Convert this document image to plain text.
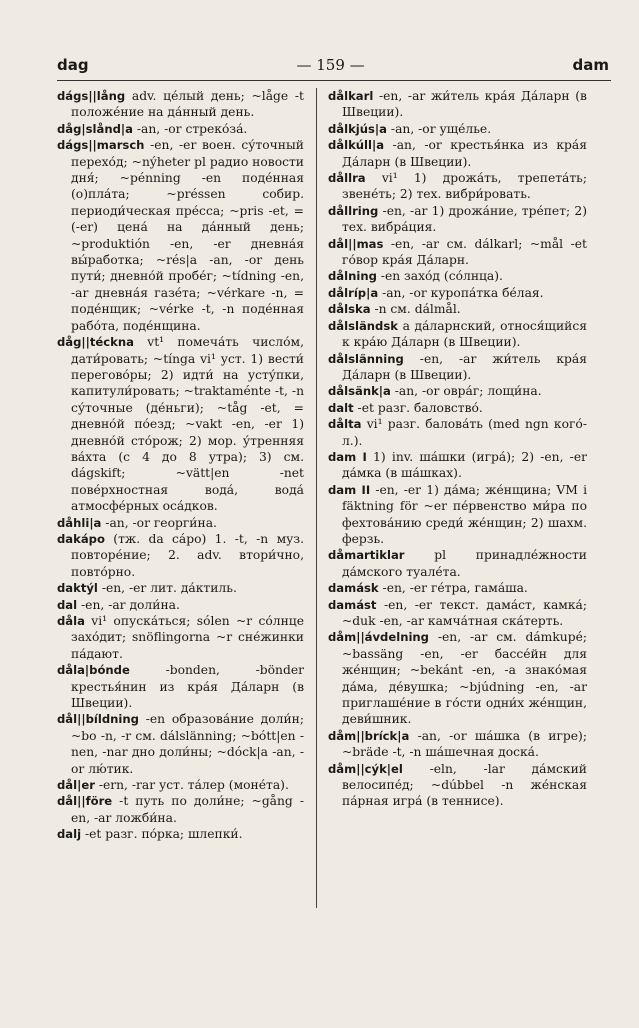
dag	— 159 —	dam

dágs||lång adv. це́лый день; ~låge -t положе́ние на да́нный день.

dåg|slånd|a -an, -or стреко́за́.

dágs||marsch -en, -er воен. су́точный перехо́д; ~nýheter pl радио новости дня́; ~pénning -en поде́нная (о)пла́та; ~préssen собир. периоди́ческая пре́сса; ~pris -et, = (-er) цена́ на да́нный день; ~produktión -en, -er дневна́я вы́работка; ~rés|a -an, -or день пути́; дневно́й пробе́г; ~tídning -en, -ar дневна́я газе́та; ~vérkare -n, = поде́нщик; ~vérke -t, -n поде́нная рабо́та, поде́нщина.

dåg||téckna vt¹ помеча́ть число́м, дати́ровать; ~tínga vi¹ уст. 1) вести́ перегово́ры; 2) идти́ на усту́пки, капитули́ровать; ~traktaménte -t, -n су́точные (де́ньги); ~tåg -et, = дневно́й по́езд; ~vakt -en, -er 1) дневно́й сто́рож; 2) мор. у́тренняя ва́хта (с 4 до 8 утра); 3) см. dágskift; ~vätt|en -net пове́рхностная вода́, вода́ атмосфе́рных оса́дков.

dåhli|a -an, -or георги́на.

dakápo (тж. da cápo) 1. -t, -n муз. повторе́ние; 2. adv. втори́чно, повто́рно.

daktýl -en, -er лит. да́ктиль.

dal -en, -ar доли́на.

dåla vi¹ опуска́ться; sólen ~r со́лнце захо́дит; snöflingorna ~r сне́жинки па́дают.

dåla|bónde -bonden, -bönder крестья́нин из кра́я Да́ларн (в Швеции).

dål||bíldning -en образова́ние доли́н; ~bo -n, -r см. dálslänning; ~bótt|en -nen, -nar дно доли́ны; ~dóck|a -an, -or лю́тик.

dål|er -ern, -rar уст. та́лер (моне́та).

dål||före -t путь по доли́не; ~gång -en, -ar ложби́на.

dalj -et разг. по́рка; шлепки́.

dålkarl -en, -ar жи́тель кра́я Да́ларн (в Швеции).

dålkjús|a -an, -or уще́лье.

dålkúll|a -an, -or крестья́нка из кра́я Да́ларн (в Швеции).

dållra vi¹ 1) дрожа́ть, трепета́ть; звене́ть; 2) тех. вибри́ровать.

dållring -en, -ar 1) дрожа́ние, тре́пет; 2) тех. вибра́ция.

dål||mas -en, -ar см. dálkarl; ~mål -et го́вор кра́я Да́ларн.

dålning -en захо́д (со́лнца).

dålríp|a -an, -or куропа́тка бе́лая.

dålska -n см. dálmål.

dålsländsk a да́ларнский, относя́щийся к кра́ю Да́ларн (в Швеции).

dålslänning -en, -ar жи́тель кра́я Да́ларн (в Швеции).

dålsänk|a -an, -or овра́г; лощи́на.

dalt -et разг. баловство́.

dålta vi¹ разг. балова́ть (med ngn кого́-л.).

dam I 1) inv. ша́шки (игра́); 2) -en, -er да́мка (в ша́шках).

dam II -en, -er 1) да́ма; же́нщина; VM i fäktning för ~er пе́рвенство ми́ра по фехтова́нию среди́ же́нщин; 2) шахм. ферзь.

dåmartiklar pl принадле́жности да́мского туале́та.

damásk -en, -er ге́тра, гама́ша.

damást -en, -er текст. дама́ст, камка́; ~duk -en, -ar камча́тная ска́терть.

dåm||ávdelning -en, -ar см. dámkupé; ~bassäng -en, -er бассе́йн для же́нщин; ~bekánt -en, -a знако́мая да́ма, де́вушка; ~bjúdning -en, -ar приглаше́ние в го́сти одни́х же́нщин, деви́шник.

dåm||bríck|a -an, -or ша́шка (в игре); ~bräde -t, -n ша́шечная доска́.

dåm||cýk|el -eln, -lar да́мский велосипе́д; ~dúbbel -n же́нская па́рная игра́ (в теннисе).
